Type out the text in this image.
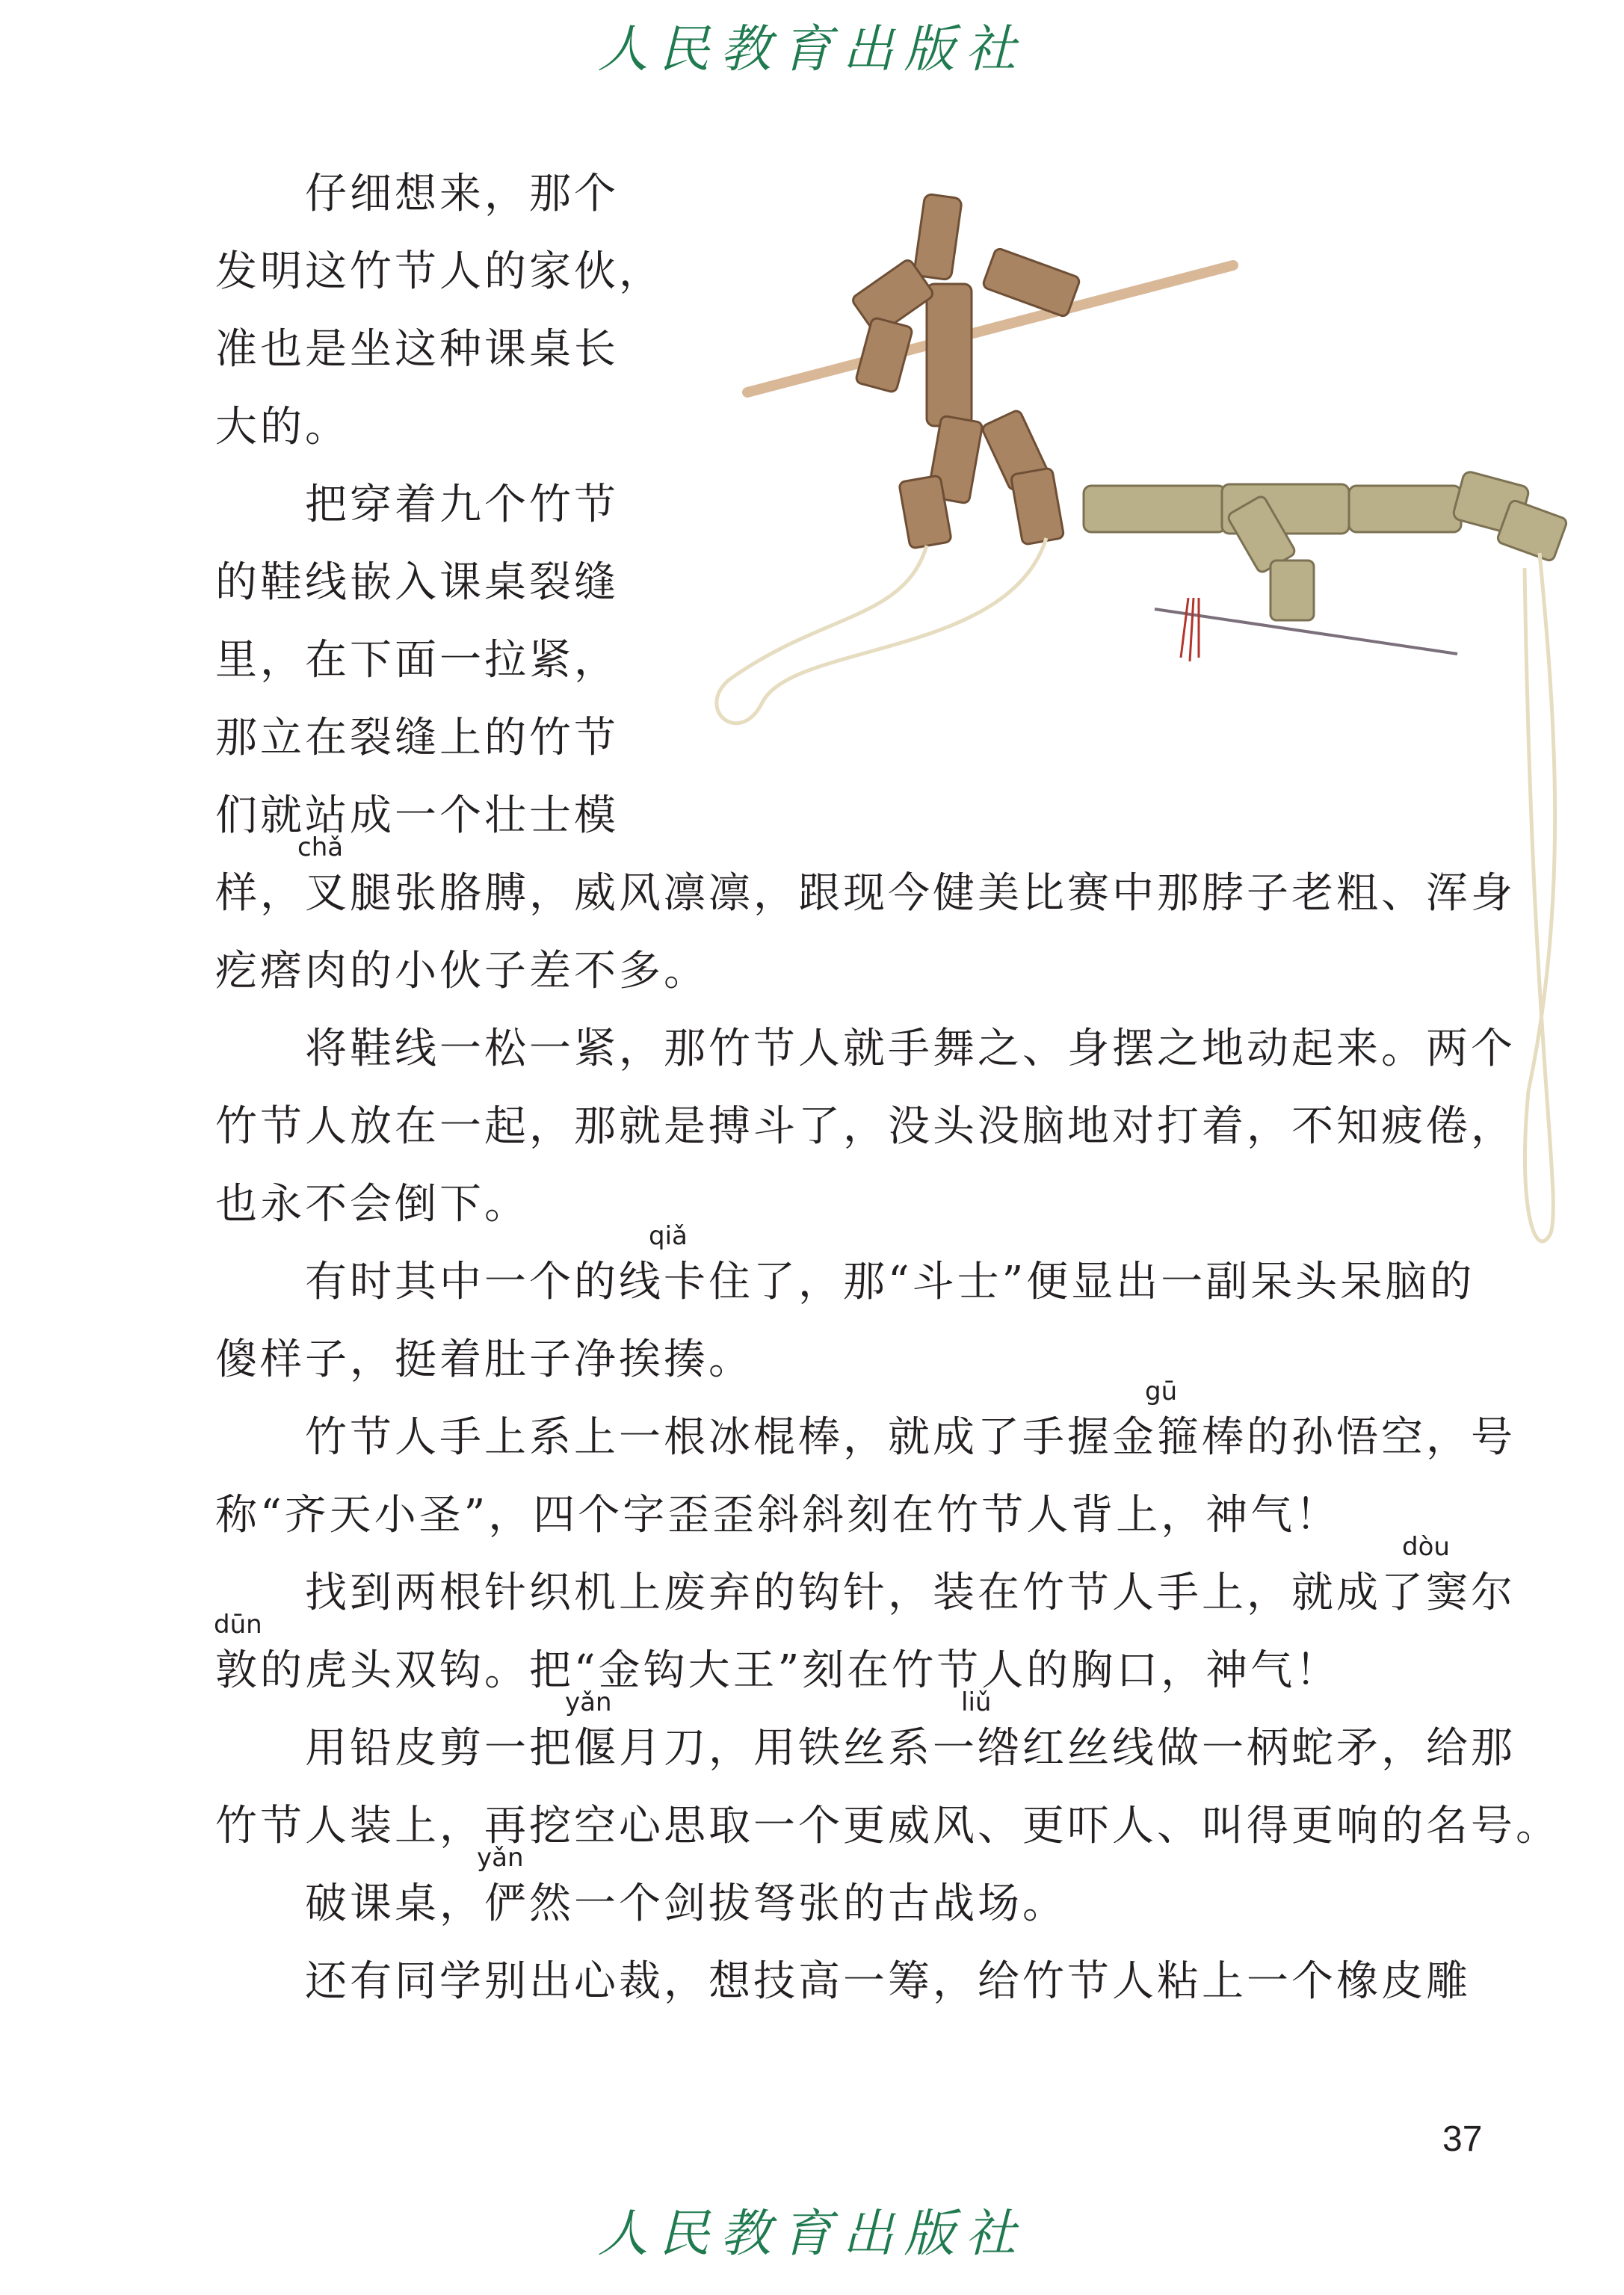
人民教育出版社
　　仔细想来，那个
发明这竹节人的家伙，
准也是坐这种课桌长
大的。
　　把穿着九个竹节
的鞋线嵌入课桌裂缝
里，在下面一拉紧，
那立在裂缝上的竹节
们就站成一个壮士模
样，叉腿张胳膊，威风凛凛，跟现今健美比赛中那脖子老粗、浑身
疙瘩肉的小伙子差不多。
　　将鞋线一松一紧，那竹节人就手舞之、身摆之地动起来。两个
竹节人放在一起，那就是搏斗了，没头没脑地对打着，不知疲倦，
也永不会倒下。
　　有时其中一个的线卡住了，那“斗士”便显出一副呆头呆脑的
傻样子，挺着肚子净挨揍。
　　竹节人手上系上一根冰棍棒，就成了手握金箍棒的孙悟空，号
称“齐天小圣”，四个字歪歪斜斜刻在竹节人背上，神气！
　　找到两根针织机上废弃的钩针，装在竹节人手上，就成了窦尔
敦的虎头双钩。把“金钩大王”刻在竹节人的胸口，神气！
　　用铅皮剪一把偃月刀，用铁丝系一绺红丝线做一柄蛇矛，给那
竹节人装上，再挖空心思取一个更威风、更吓人、叫得更响的名号。
　　破课桌，俨然一个剑拔弩张的古战场。
　　还有同学别出心裁，想技高一筹，给竹节人粘上一个橡皮雕
chǎ
qiǎ
gū
dòu
dūn
yǎn	liǔ
yǎn
37
人民教育出版社
